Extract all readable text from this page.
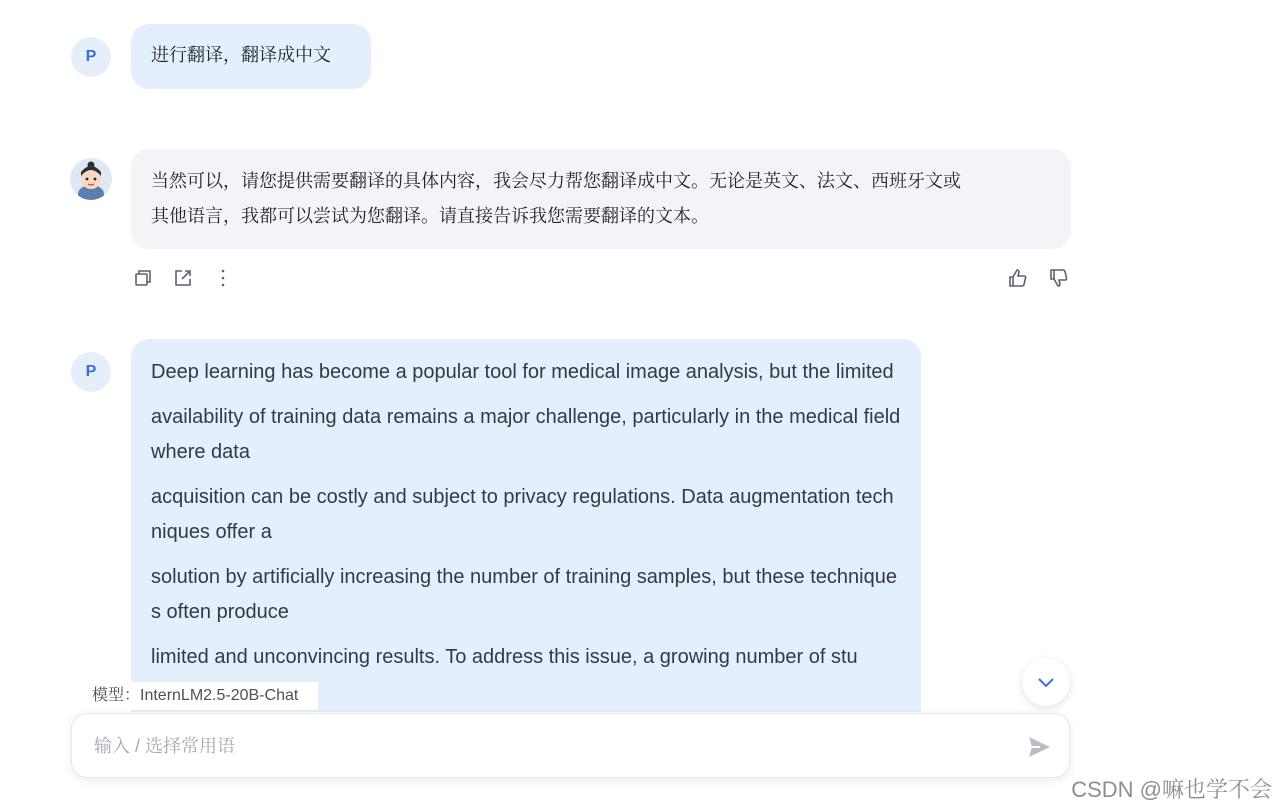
P	进行翻译，翻译成中文
当然可以，请您提供需要翻译的具体内容，我会尽力帮您翻译成中文。无论是英文、法文、西班牙文或
其他语言，我都可以尝试为您翻译。请直接告诉我您需要翻译的文本。
P	Deep learning has become a popular tool for medical image analysis, but the limited

availability of training data remains a major challenge, particularly in the medical field where data

acquisition can be costly and subject to privacy regulations. Data augmentation techniques offer a

solution by artificially increasing the number of training samples, but these techniques often produce

limited and unconvincing results. To address this issue, a growing number of stu

模型：InternLM2.5-20B-Chat
输入 / 选择常用语
CSDN @嘛也学不会
